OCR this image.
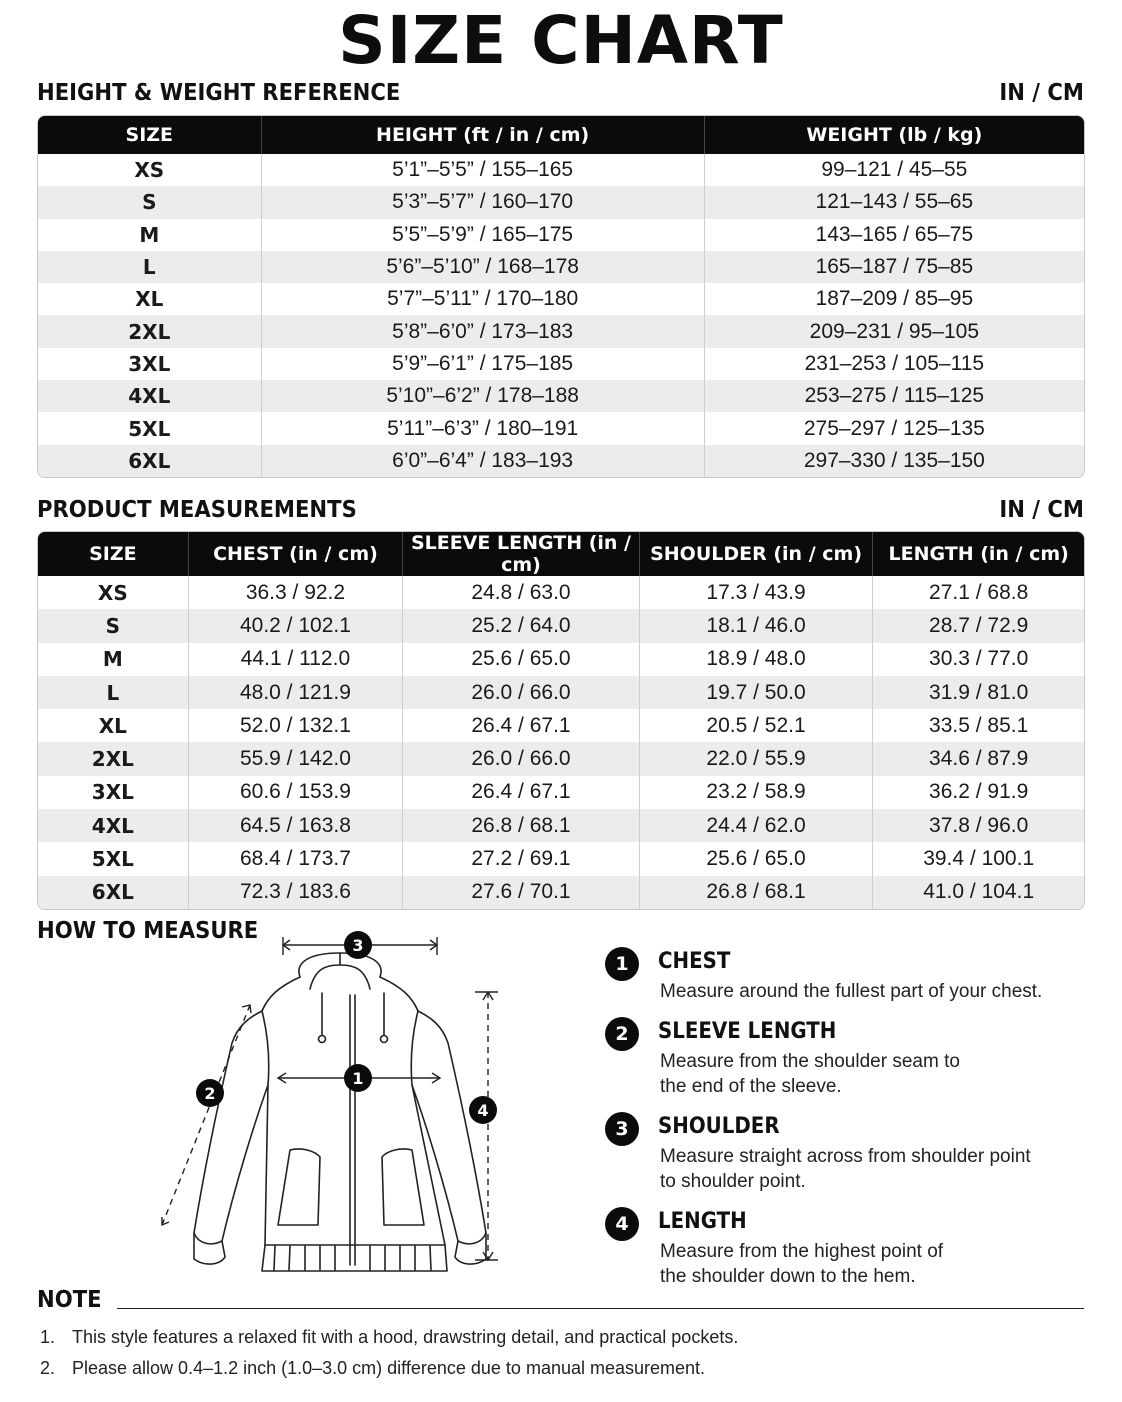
SIZE CHART
HEIGHT & WEIGHT REFERENCE	IN / CM
SIZE	HEIGHT (ft / in / cm)	WEIGHT (lb / kg)
XS	5’1”–5’5” / 155–165	99–121 / 45–55
S	5’3”–5’7” / 160–170	121–143 / 55–65
M	5’5”–5’9” / 165–175	143–165 / 65–75
L	5’6”–5’10” / 168–178	165–187 / 75–85
XL	5’7”–5’11” / 170–180	187–209 / 85–95
2XL	5’8”–6’0” / 173–183	209–231 / 95–105
3XL	5’9”–6’1” / 175–185	231–253 / 105–115
4XL	5’10”–6’2” / 178–188	253–275 / 115–125
5XL	5’11”–6’3” / 180–191	275–297 / 125–135
6XL	6’0”–6’4” / 183–193	297–330 / 135–150
PRODUCT MEASUREMENTS	IN / CM
SIZE	CHEST (in / cm)	SLEEVE LENGTH (in / cm)	SHOULDER (in / cm)	LENGTH (in / cm)
XS	36.3 / 92.2	24.8 / 63.0	17.3 / 43.9	27.1 / 68.8
S	40.2 / 102.1	25.2 / 64.0	18.1 / 46.0	28.7 / 72.9
M	44.1 / 112.0	25.6 / 65.0	18.9 / 48.0	30.3 / 77.0
L	48.0 / 121.9	26.0 / 66.0	19.7 / 50.0	31.9 / 81.0
XL	52.0 / 132.1	26.4 / 67.1	20.5 / 52.1	33.5 / 85.1
2XL	55.9 / 142.0	26.0 / 66.0	22.0 / 55.9	34.6 / 87.9
3XL	60.6 / 153.9	26.4 / 67.1	23.2 / 58.9	36.2 / 91.9
4XL	64.5 / 163.8	26.8 / 68.1	24.4 / 62.0	37.8 / 96.0
5XL	68.4 / 173.7	27.2 / 69.1	25.6 / 65.0	39.4 / 100.1
6XL	72.3 / 183.6	27.6 / 70.1	26.8 / 68.1	41.0 / 104.1
HOW TO MEASURE
3
1
2
4
1	CHEST
Measure around the fullest part of your chest.
2	SLEEVE LENGTH
Measure from the shoulder seam to the end of the sleeve.
3	SHOULDER
Measure straight across from shoulder point to shoulder point.
4	LENGTH
Measure from the highest point of the shoulder down to the hem.
NOTE
1. This style features a relaxed fit with a hood, drawstring detail, and practical pockets.
2. Please allow 0.4–1.2 inch (1.0–3.0 cm) difference due to manual measurement.
